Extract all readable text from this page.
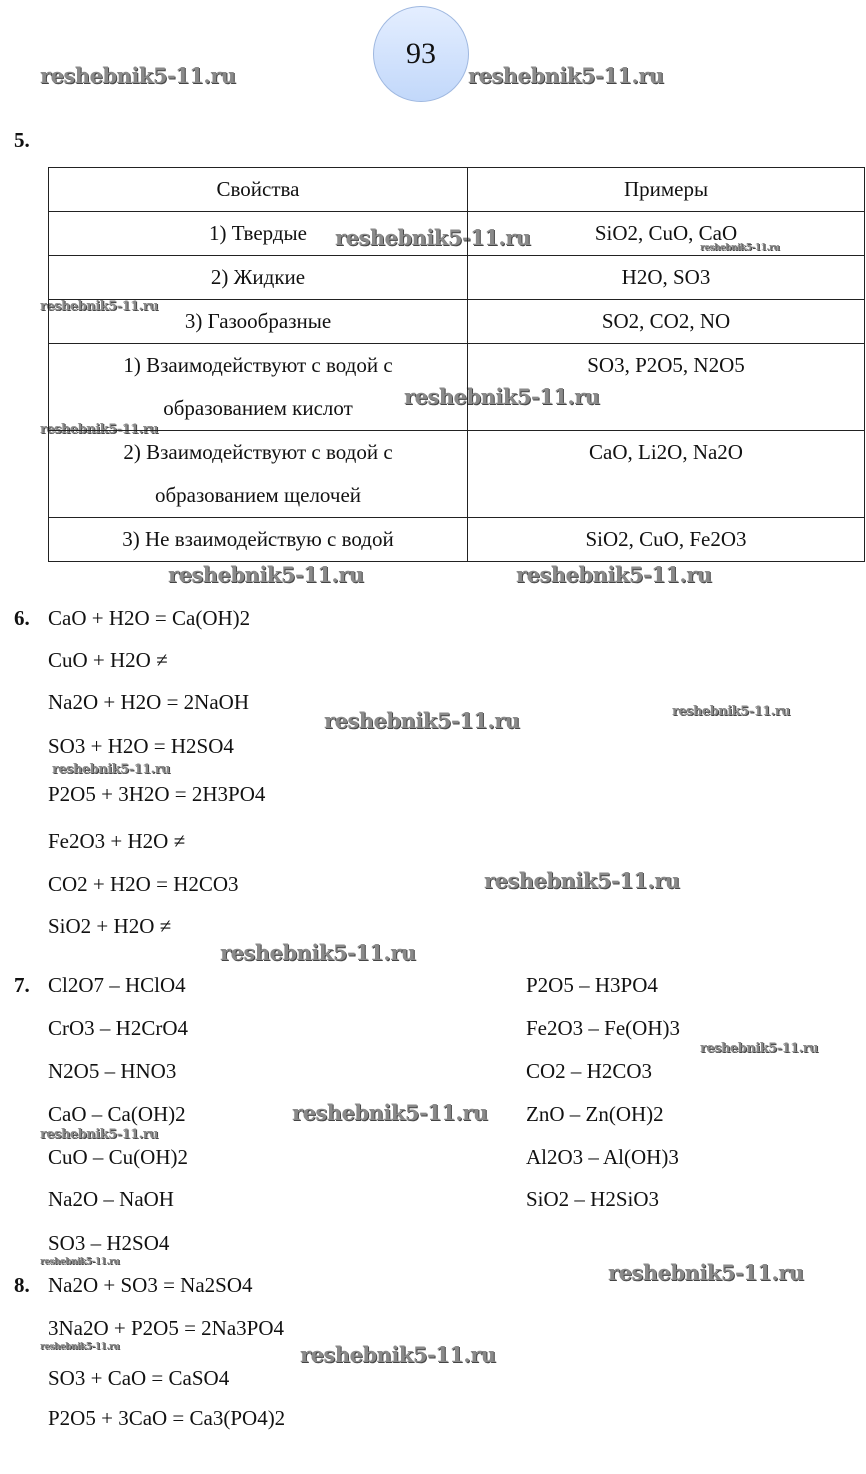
93
reshebnik5-11.ru	reshebnik5-11.ru
reshebnik5-11.ru	reshebnik5-11.ru
reshebnik5-11.ru
reshebnik5-11.ru
reshebnik5-11.ru
reshebnik5-11.ru	reshebnik5-11.ru
reshebnik5-11.ru	reshebnik5-11.ru
reshebnik5-11.ru
reshebnik5-11.ru
reshebnik5-11.ru
reshebnik5-11.ru
reshebnik5-11.ru
reshebnik5-11.ru
reshebnik5-11.ru	reshebnik5-11.ru
reshebnik5-11.ru	reshebnik5-11.ru
5.
Свойства	Примеры
1) Твердые	SiO2, CuO, CaO
2) Жидкие	H2O, SO3
3) Газообразные	SO2, CO2, NO

1) Взаимодействуют с водой с
образованием кислот	SO3, P2O5, N2O5

2) Взаимодействуют с водой с
образованием щелочей	CaO, Li2O, Na2O
3) Не взаимодействую с водой	SiO2, CuO, Fe2O3
6. CaO + H2O = Ca(OH)2
CuO + H2O ≠
Na2O + H2O = 2NaOH
SO3 + H2O = H2SO4
P2O5 + 3H2O = 2H3PO4
Fe2O3 + H2O ≠
CO2 + H2O = H2CO3
SiO2 + H2O ≠
7. Cl2O7 – HClO4
CrO3 – H2CrO4
N2O5 – HNO3
CaO – Ca(OH)2
CuO – Cu(OH)2
Na2O – NaOH
SO3 – H2SO4
P2O5 – H3PO4
Fe2O3 – Fe(OH)3
CO2 – H2CO3
ZnO – Zn(OH)2
Al2O3 – Al(OH)3
SiO2 – H2SiO3
8. Na2O + SO3 = Na2SO4
3Na2O + P2O5 = 2Na3PO4
SO3 + CaO = CaSO4
P2O5 + 3CaO = Ca3(PO4)2
